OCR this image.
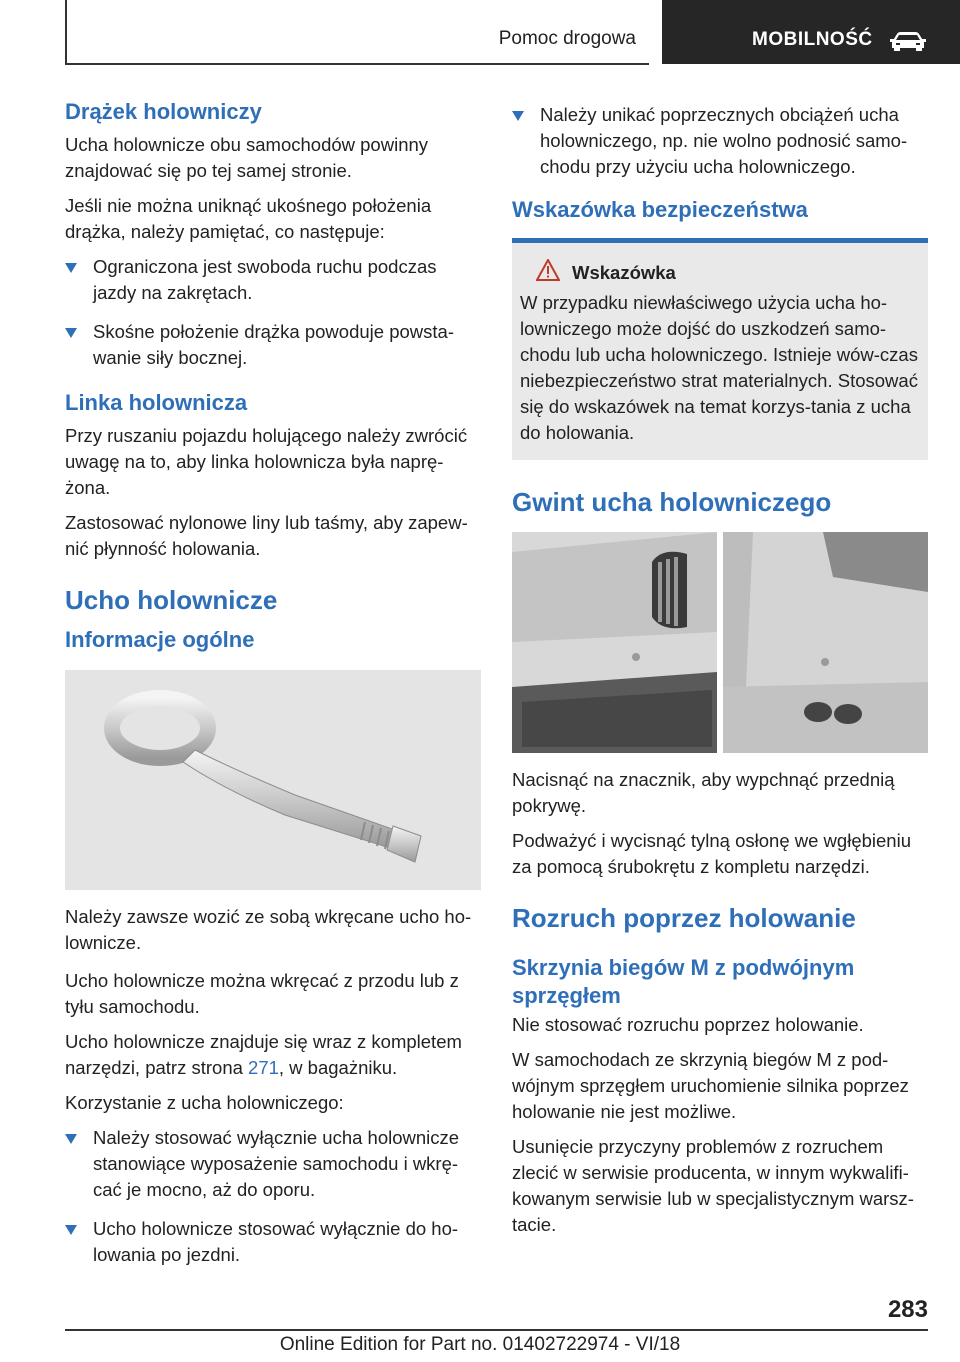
Pomoc drogowa	MOBILNOŚĆ
Drążek holowniczy

Ucha holownicze obu samochodów powinny znajdować się po tej samej stronie.

Jeśli nie można uniknąć ukośnego położenia drążka, należy pamiętać, co następuje:

Ograniczona jest swoboda ruchu podczas jazdy na zakrętach.
Skośne położenie drążka powoduje powsta‐wanie siły bocznej.
Linka holownicza

Przy ruszaniu pojazdu holującego należy zwrócić uwagę na to, aby linka holownicza była naprę‐żona.

Zastosować nylonowe liny lub taśmy, aby zapew‐nić płynność holowania.

Ucho holownicze
Informacje ogólne

Należy zawsze wozić ze sobą wkręcane ucho ho‐lownicze.

Ucho holownicze można wkręcać z przodu lub z tyłu samochodu.

Ucho holownicze znajduje się wraz z kompletem narzędzi, patrz strona 271, w bagażniku.

Korzystanie z ucha holowniczego:

Należy stosować wyłącznie ucha holownicze stanowiące wyposażenie samochodu i wkrę‐cać je mocno, aż do oporu.
Ucho holownicze stosować wyłącznie do ho‐lowania po jezdni.
Należy unikać poprzecznych obciążeń ucha holowniczego, np. nie wolno podnosić samo‐chodu przy użyciu ucha holowniczego.
Wskazówka bezpieczeństwa
Wskazówka

W przypadku niewłaściwego użycia ucha ho‐lowniczego może dojść do uszkodzeń samo‐chodu lub ucha holowniczego. Istnieje wów‐czas niebezpieczeństwo strat materialnych. Stosować się do wskazówek na temat korzys‐tania z ucha do holowania.

Gwint ucha holowniczego

Nacisnąć na znacznik, aby wypchnąć przednią pokrywę.

Podważyć i wycisnąć tylną osłonę we wgłębieniu za pomocą śrubokrętu z kompletu narzędzi.

Rozruch poprzez holowanie
Skrzynia biegów M z podwójnym sprzęgłem

Nie stosować rozruchu poprzez holowanie.

W samochodach ze skrzynią biegów M z pod‐wójnym sprzęgłem uruchomienie silnika poprzez holowanie nie jest możliwe.

Usunięcie przyczyny problemów z rozruchem zlecić w serwisie producenta, w innym wykwalifi‐kowanym serwisie lub w specjalistycznym warsz‐tacie.

283
Online Edition for Part no. 01402722974 - VI/18
